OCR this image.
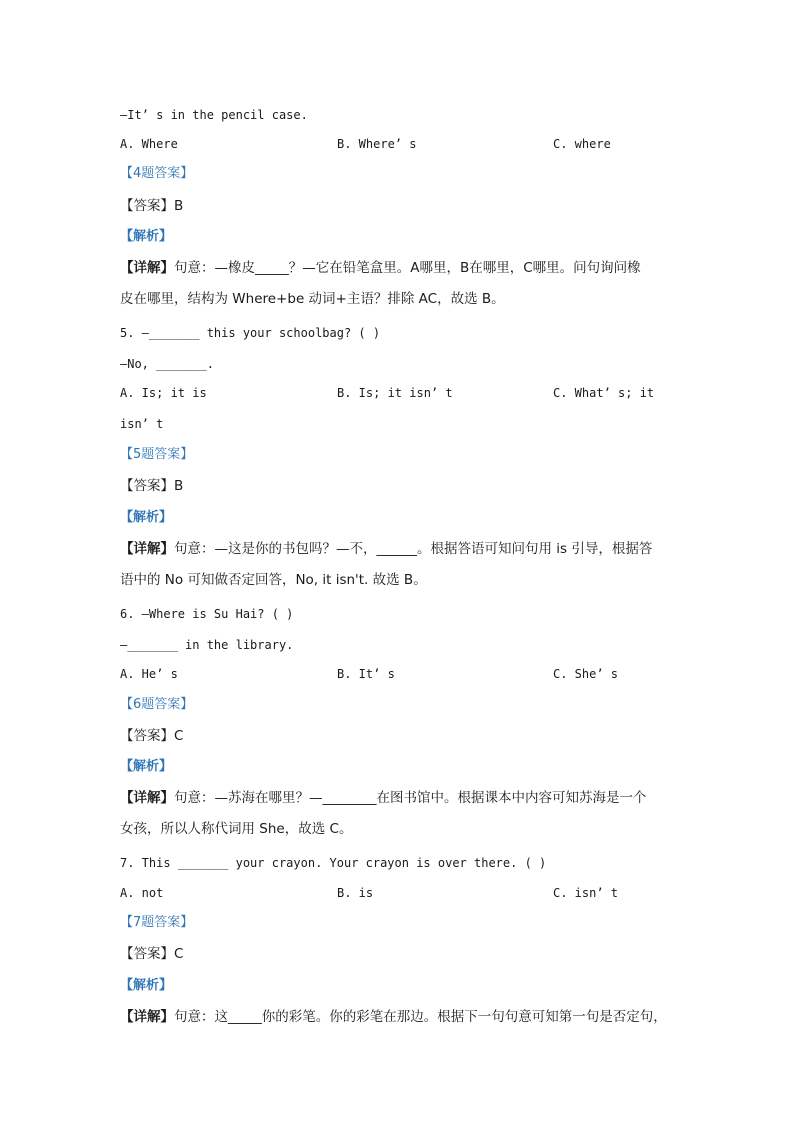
—It’ s in the pencil case.
A. Where	B. Where’ s	C. where
【4题答案】
【答案】B
【解析】
【详解】句意：—橡皮_____？—它在铅笔盒里。A哪里，B在哪里，C哪里。问句询问橡
皮在哪里，结构为 Where+be 动词+主语？排除 AC，故选 B。
5. —_______ this your schoolbag? ( )
—No, _______.
A. Is; it is	B. Is; it isn’ t	C. What’ s; it
isn’ t
【5题答案】
【答案】B
【解析】
【详解】句意：—这是你的书包吗？—不，______。根据答语可知问句用 is 引导，根据答
语中的 No 可知做否定回答，No, it isn't. 故选 B。
6. —Where is Su Hai? ( )
—_______ in the library.
A. He’ s	B. It’ s	C. She’ s
【6题答案】
【答案】C
【解析】
【详解】句意：—苏海在哪里？—________在图书馆中。根据课本中内容可知苏海是一个
女孩，所以人称代词用 She，故选 C。
7. This _______ your crayon. Your crayon is over there. ( )
A. not	B. is	C. isn’ t
【7题答案】
【答案】C
【解析】
【详解】句意：这_____你的彩笔。你的彩笔在那边。根据下一句句意可知第一句是否定句，
